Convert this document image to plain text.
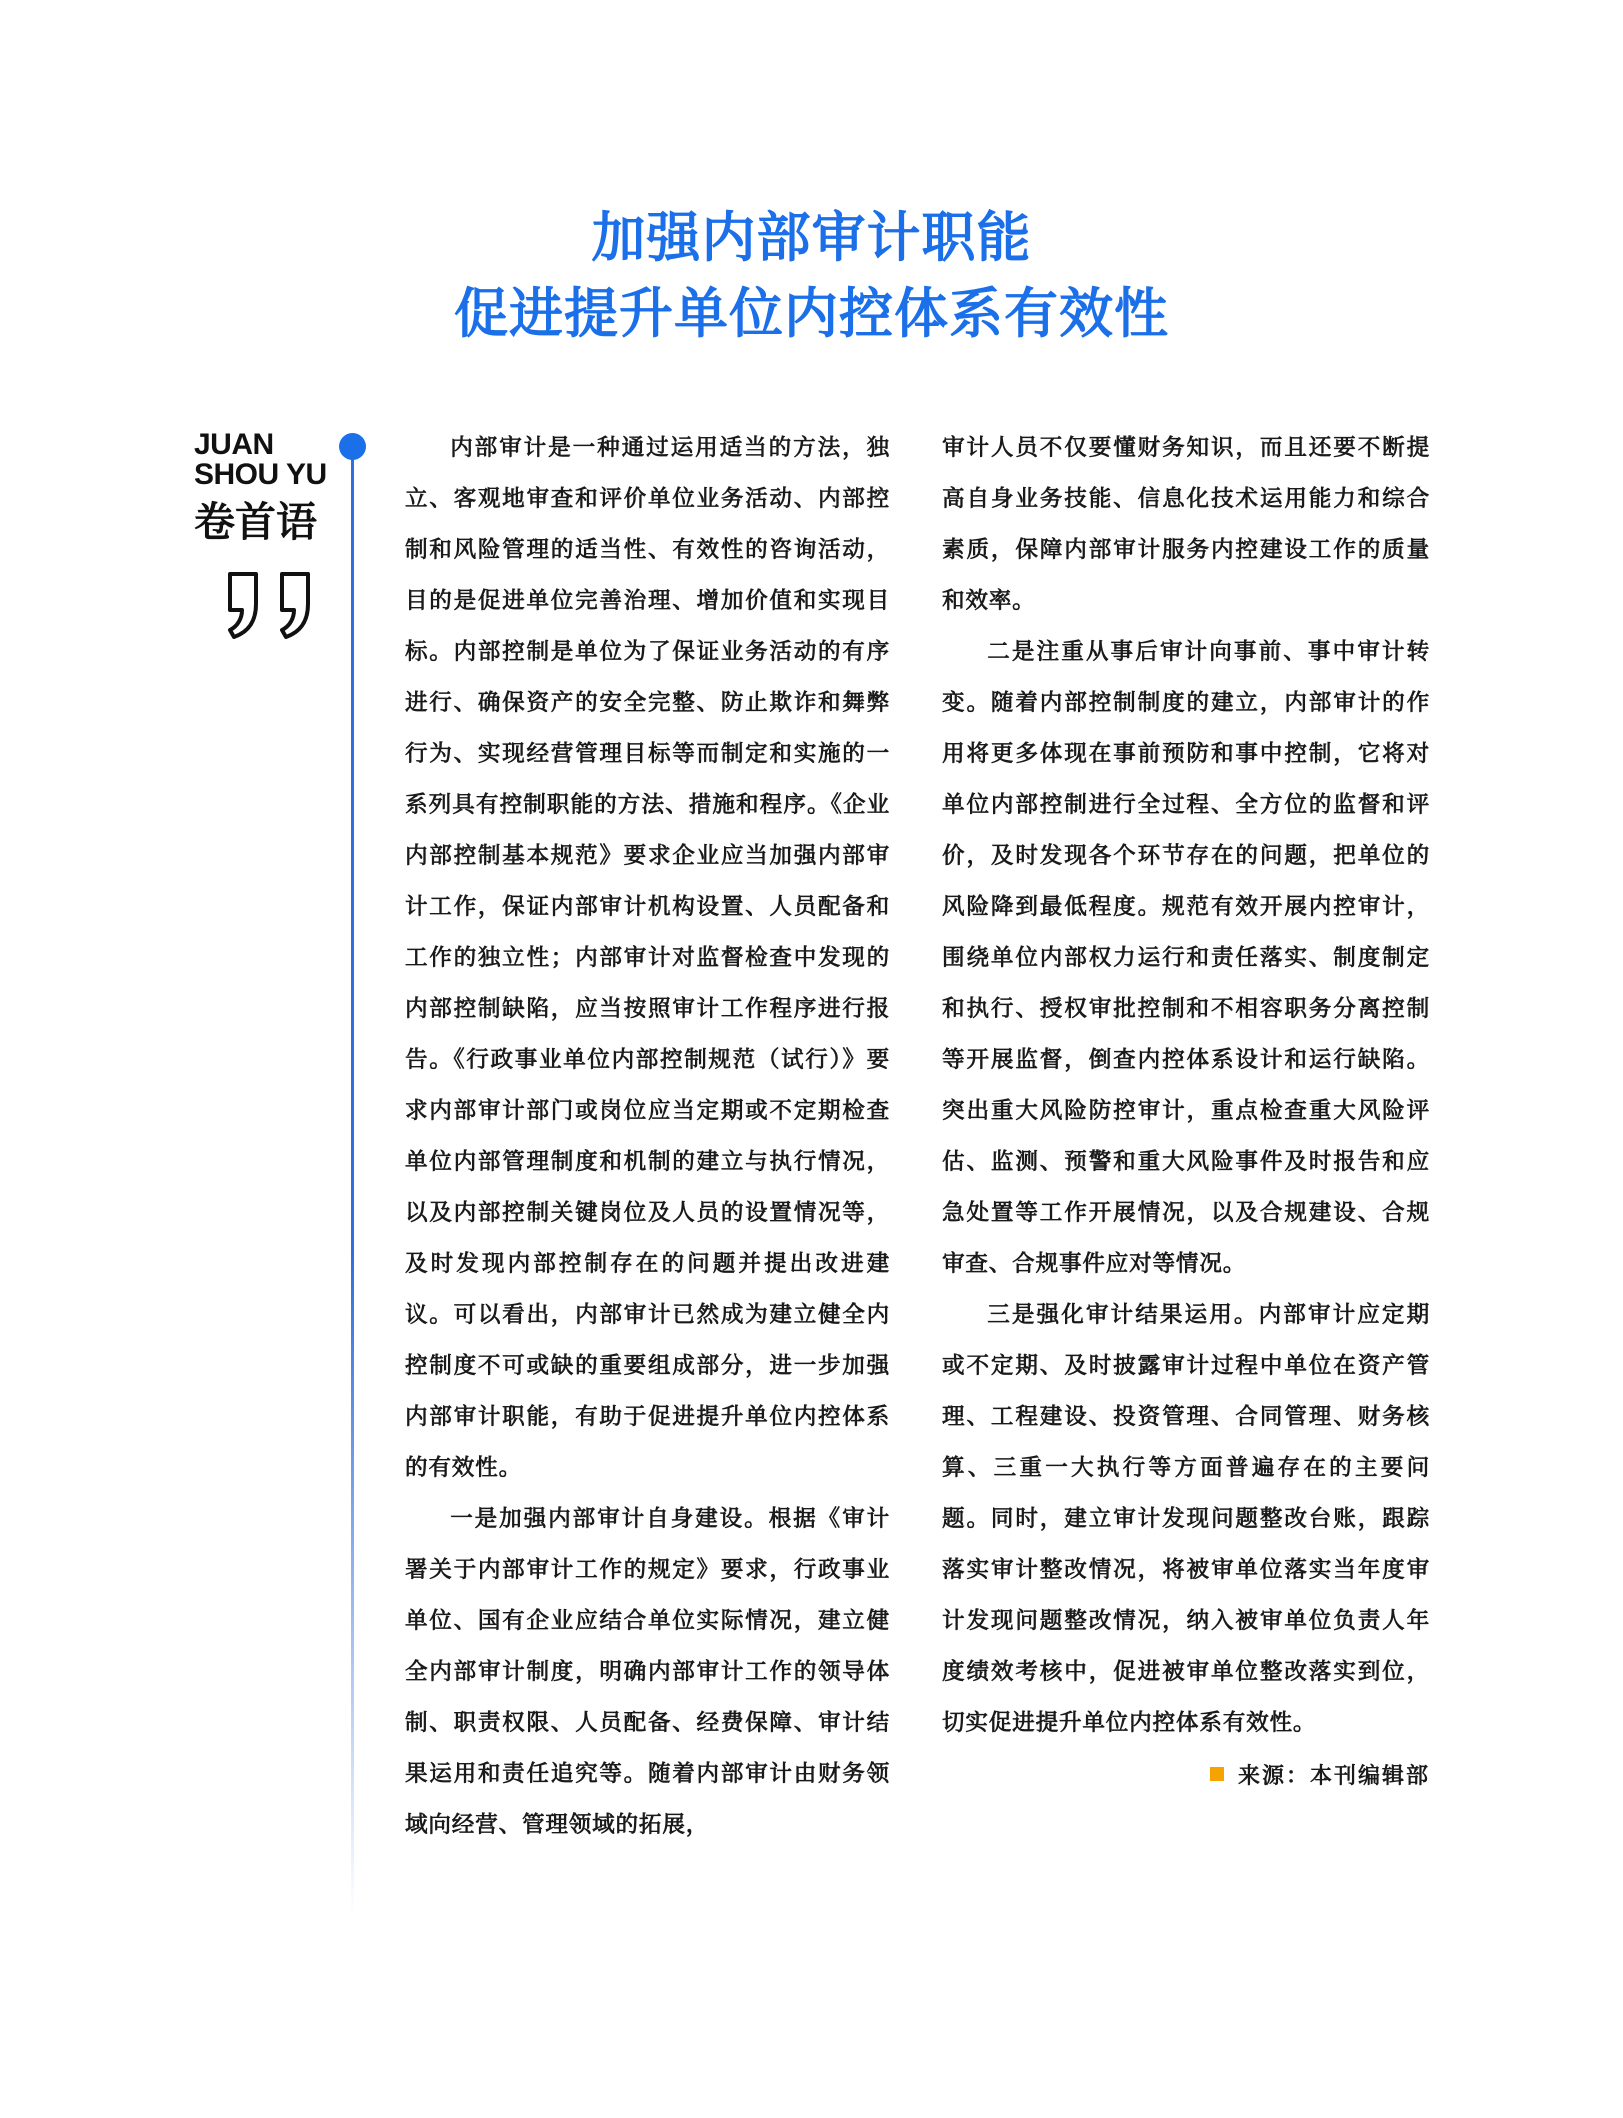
加强内部审计职能
促进提升单位内控体系有效性
JUAN
SHOU YU
卷首语

内部审计是一种通过运用适当的方法，独立、客观地审查和评价单位业务活动、内部控制和风险管理的适当性、有效性的咨询活动，目的是促进单位完善治理、增加价值和实现目标。内部控制是单位为了保证业务活动的有序进行、确保资产的安全完整、防止欺诈和舞弊行为、实现经营管理目标等而制定和实施的一系列具有控制职能的方法、措施和程序。《企业内部控制基本规范》要求企业应当加强内部审计工作，保证内部审计机构设置、人员配备和工作的独立性；内部审计对监督检查中发现的内部控制缺陷，应当按照审计工作程序进行报告。《行政事业单位内部控制规范（试行）》要求内部审计部门或岗位应当定期或不定期检查单位内部管理制度和机制的建立与执行情况，以及内部控制关键岗位及人员的设置情况等，及时发现内部控制存在的问题并提出改进建议。可以看出，内部审计已然成为建立健全内控制度不可或缺的重要组成部分，进一步加强内部审计职能，有助于促进提升单位内控体系的有效性。

一是加强内部审计自身建设。根据《审计署关于内部审计工作的规定》要求，行政事业单位、国有企业应结合单位实际情况，建立健全内部审计制度，明确内部审计工作的领导体制、职责权限、人员配备、经费保障、审计结果运用和责任追究等。随着内部审计由财务领域向经营、管理领域的拓展，

审计人员不仅要懂财务知识，而且还要不断提高自身业务技能、信息化技术运用能力和综合素质，保障内部审计服务内控建设工作的质量和效率。

二是注重从事后审计向事前、事中审计转变。随着内部控制制度的建立，内部审计的作用将更多体现在事前预防和事中控制，它将对单位内部控制进行全过程、全方位的监督和评价，及时发现各个环节存在的问题，把单位的风险降到最低程度。规范有效开展内控审计，围绕单位内部权力运行和责任落实、制度制定和执行、授权审批控制和不相容职务分离控制等开展监督，倒查内控体系设计和运行缺陷。突出重大风险防控审计，重点检查重大风险评估、监测、预警和重大风险事件及时报告和应急处置等工作开展情况，以及合规建设、合规审查、合规事件应对等情况。

三是强化审计结果运用。内部审计应定期或不定期、及时披露审计过程中单位在资产管理、工程建设、投资管理、合同管理、财务核算、三重一大执行等方面普遍存在的主要问题。同时，建立审计发现问题整改台账，跟踪落实审计整改情况，将被审单位落实当年度审计发现问题整改情况，纳入被审单位负责人年度绩效考核中，促进被审单位整改落实到位，切实促进提升单位内控体系有效性。

来源：本刊编辑部
